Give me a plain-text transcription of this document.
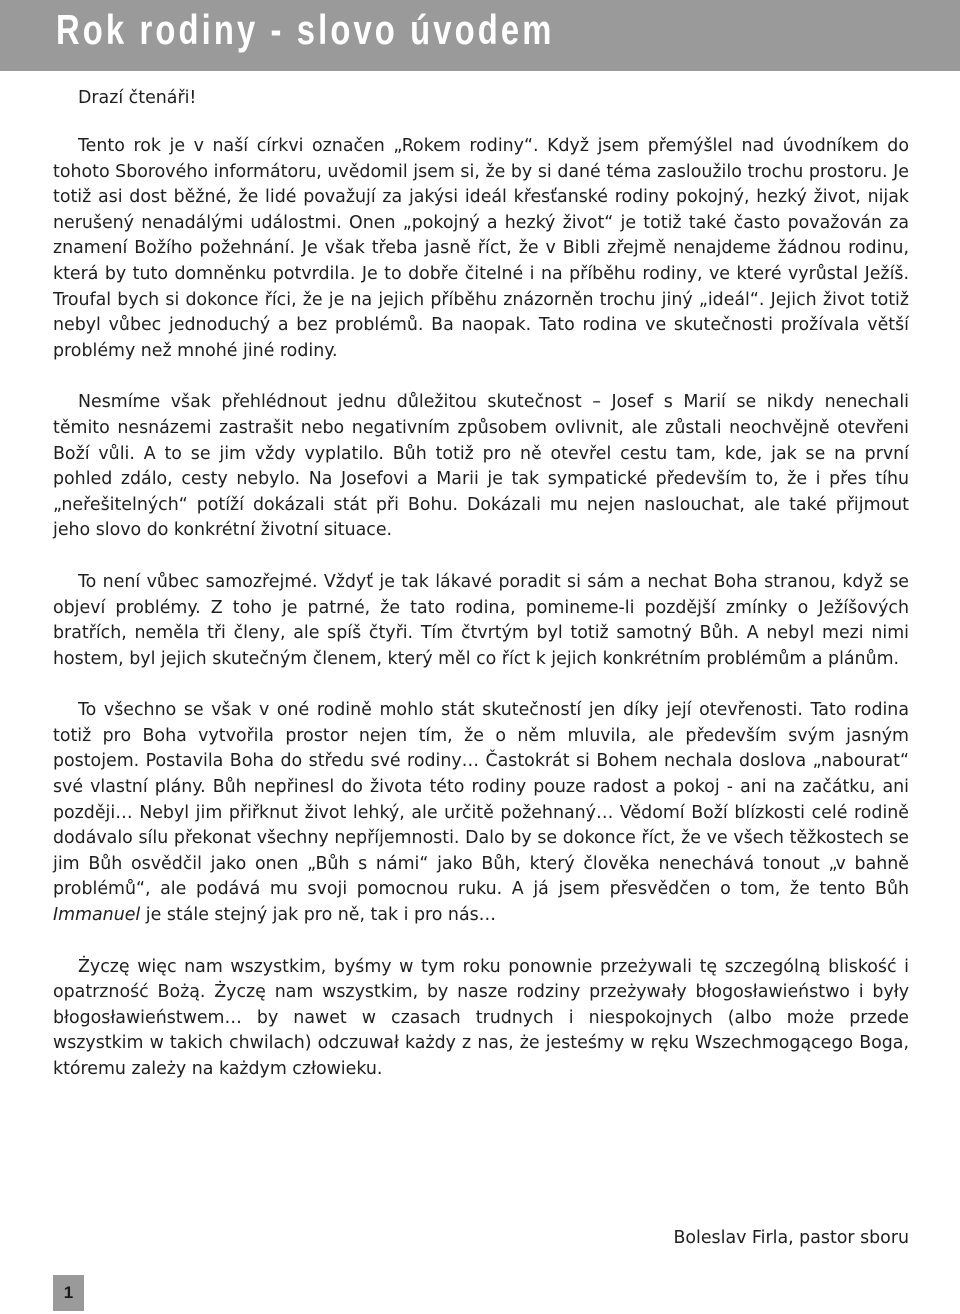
Rok rodiny - slovo úvodem

Drazí čtenáři!

Tento rok je v naší církvi označen „Rokem rodiny“. Když jsem přemýšlel nad úvodníkem do tohoto Sborového informátoru, uvědomil jsem si, že by si dané téma zasloužilo trochu prostoru. Je totiž asi dost běžné, že lidé považují za jakýsi ideál křesťanské rodiny pokojný, hezký život, nijak nerušený nenadálými událostmi. Onen „pokojný a hezký život“ je totiž také často považován za znamení Božího požehnání. Je však třeba jasně říct, že v Bibli zřejmě nenajdeme žádnou rodinu, která by tuto domněnku potvrdila. Je to dobře čitelné i na příběhu rodiny, ve které vyrůstal Ježíš. Troufal bych si dokonce říci, že je na jejich příběhu znázorněn trochu jiný „ideál“. Jejich život totiž nebyl vůbec jednoduchý a bez problémů. Ba naopak. Tato rodina ve skutečnosti prožívala větší problémy než mnohé jiné rodiny.

Nesmíme však přehlédnout jednu důležitou skutečnost – Josef s Marií se nikdy nenechali těmito nesnázemi zastrašit nebo negativním způsobem ovlivnit, ale zůstali neochvějně otevřeni Boží vůli. A to se jim vždy vyplatilo. Bůh totiž pro ně otevřel cestu tam, kde, jak se na první pohled zdálo, cesty nebylo. Na Josefovi a Marii je tak sympatické především to, že i přes tíhu „neřešitelných“ potíží dokázali stát při Bohu. Dokázali mu nejen naslouchat, ale také přijmout jeho slovo do konkrétní životní situace.

To není vůbec samozřejmé. Vždyť je tak lákavé poradit si sám a nechat Boha stranou, když se objeví problémy. Z toho je patrné, že tato rodina, pomineme-li pozdější zmínky o Ježíšových bratřích, neměla tři členy, ale spíš čtyři. Tím čtvrtým byl totiž samotný Bůh. A nebyl mezi nimi hostem, byl jejich skutečným členem, který měl co říct k jejich konkrétním problémům a plánům.

To všechno se však v oné rodině mohlo stát skutečností jen díky její otevřenosti. Tato rodina totiž pro Boha vytvořila prostor nejen tím, že o něm mluvila, ale především svým jasným postojem. Postavila Boha do středu své rodiny… Častokrát si Bohem nechala doslova „nabourat“ své vlastní plány. Bůh nepřinesl do života této rodiny pouze radost a pokoj - ani na začátku, ani později… Nebyl jim přiřknut život lehký, ale určitě požehnaný… Vědomí Boží blízkosti celé rodině dodávalo sílu překonat všechny nepříjemnosti. Dalo by se dokonce říct, že ve všech těžkostech se jim Bůh osvědčil jako onen „Bůh s námi“ jako Bůh, který člověka nenechává tonout „v bahně problémů“, ale podává mu svoji pomocnou ruku. A já jsem přesvědčen o tom, že tento Bůh Immanuel je stále stejný jak pro ně, tak i pro nás…

Życzę więc nam wszystkim, byśmy w tym roku ponownie przeżywali tę szczególną bliskość i opatrzność Bożą. Życzę nam wszystkim, by nasze rodziny przeżywały błogosławieństwo i były błogosławieństwem… by nawet w czasach trudnych i niespokojnych (albo może przede wszystkim w takich chwilach) odczuwał każdy z nas, że jesteśmy w ręku Wszechmogącego Boga, któremu zależy na każdym człowieku.

Boleslav Firla, pastor sboru

1
